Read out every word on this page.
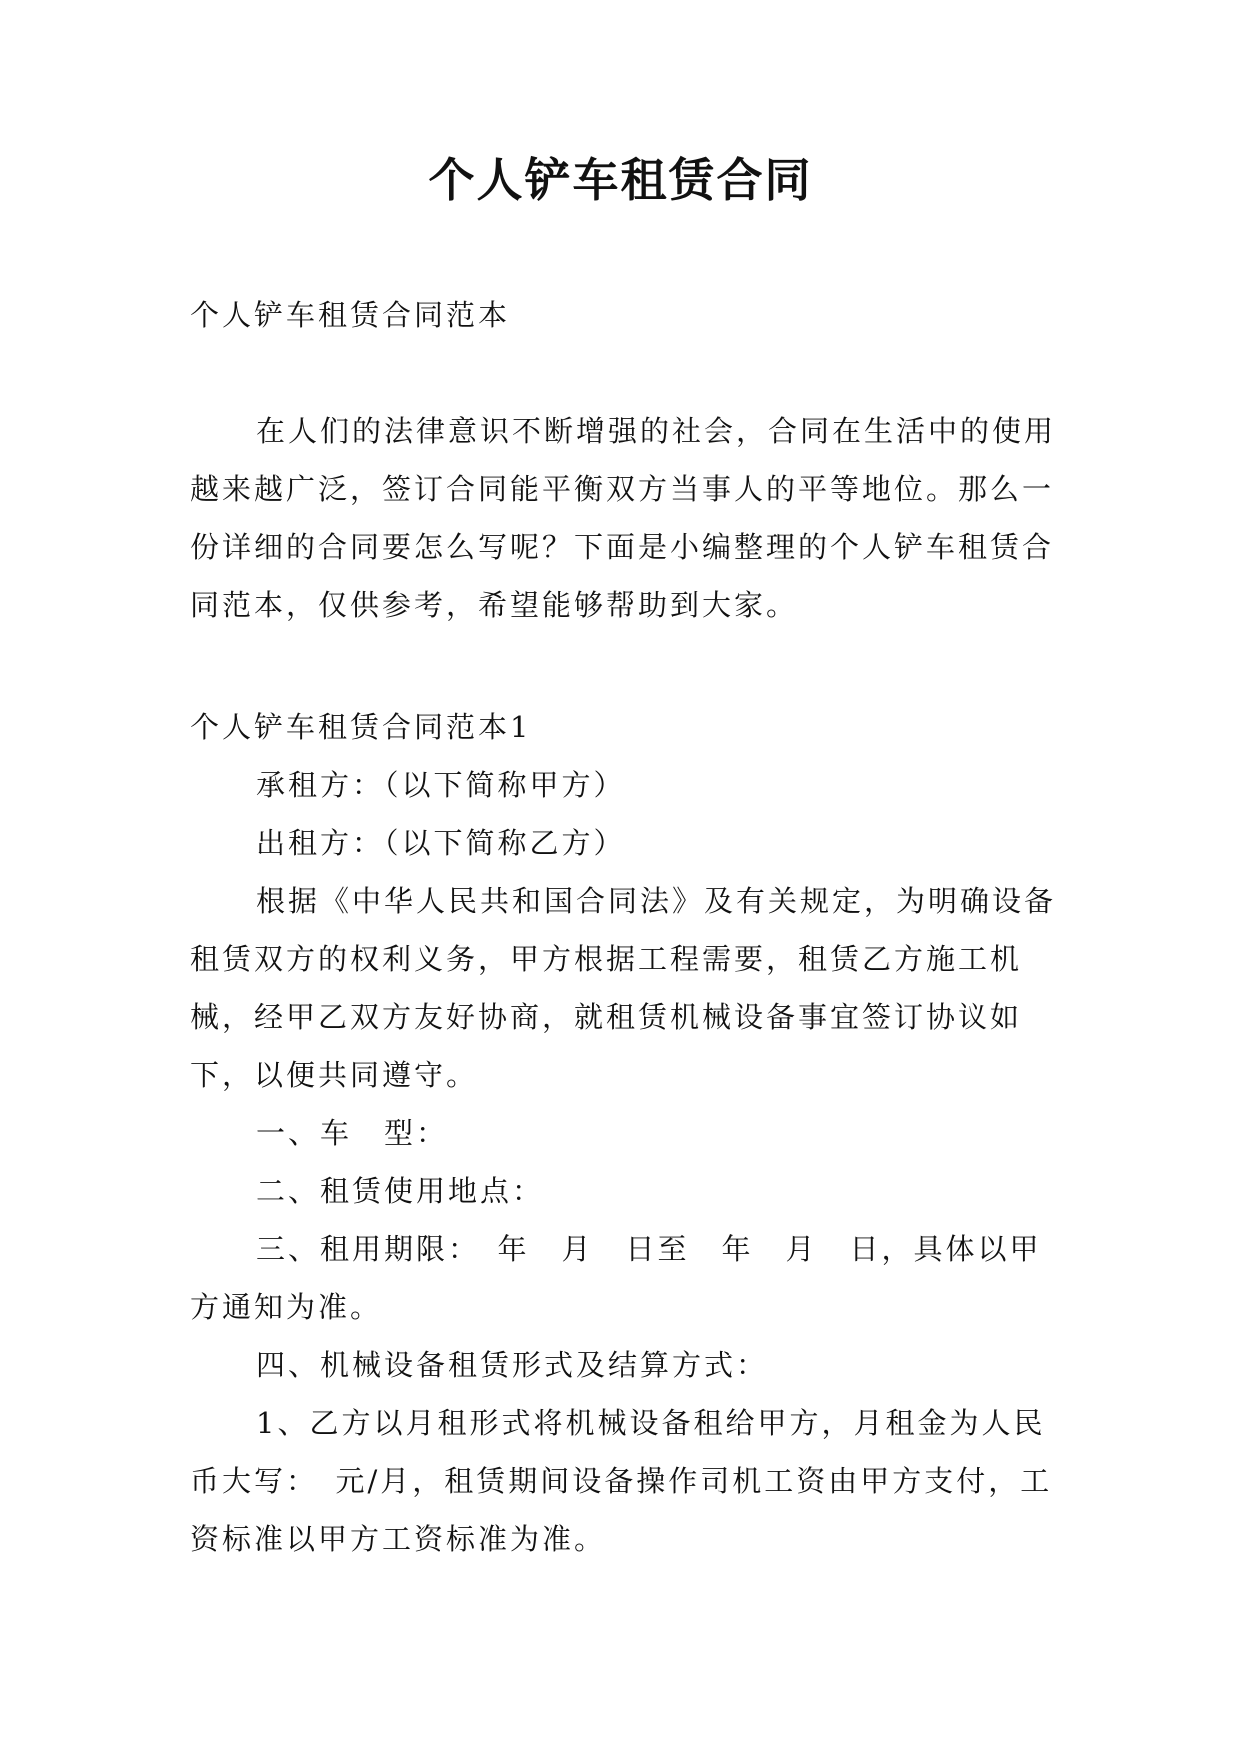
个人铲车租赁合同

个人铲车租赁合同范本

在人们的法律意识不断增强的社会，合同在生活中的使用越来越广泛，签订合同能平衡双方当事人的平等地位。那么一份详细的合同要怎么写呢？下面是小编整理的个人铲车租赁合同范本，仅供参考，希望能够帮助到大家。

个人铲车租赁合同范本1

承租方：（以下简称甲方）

出租方：（以下简称乙方）

根据《中华人民共和国合同法》及有关规定，为明确设备租赁双方的权利义务，甲方根据工程需要，租赁乙方施工机械，经甲乙双方友好协商，就租赁机械设备事宜签订协议如下，以便共同遵守。

一、车　型：

二、租赁使用地点：

三、租用期限：　年　月　日至　年　月　日，具体以甲方通知为准。

四、机械设备租赁形式及结算方式：

1、乙方以月租形式将机械设备租给甲方，月租金为人民币大写：　元/月，租赁期间设备操作司机工资由甲方支付，工资标准以甲方工资标准为准。
